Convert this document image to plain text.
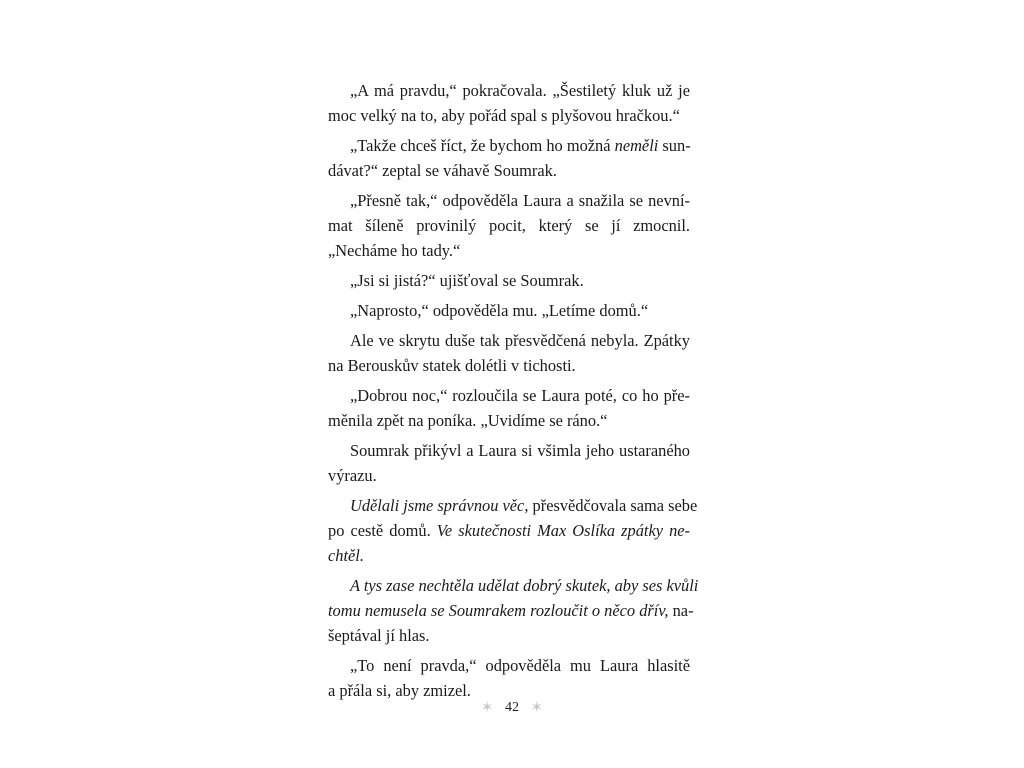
„A má pravdu,“ pokračovala. „Šestiletý kluk už je
moc velký na to, aby pořád spal s plyšovou hračkou.“
„Takže chceš říct, že bychom ho možná neměli sun-
dávat?“ zeptal se váhavě Soumrak.
„Přesně tak,“ odpověděla Laura a snažila se nevní-
mat šíleně provinilý pocit, který se jí zmocnil.
„Necháme ho tady.“
„Jsi si jistá?“ ujišťoval se Soumrak.
„Naprosto,“ odpověděla mu. „Letíme domů.“
Ale ve skrytu duše tak přesvědčená nebyla. Zpátky
na Berouskův statek dolétli v tichosti.
„Dobrou noc,“ rozloučila se Laura poté, co ho pře-
měnila zpět na poníka. „Uvidíme se ráno.“
Soumrak přikývl a Laura si všimla jeho ustaraného
výrazu.
Udělali jsme správnou věc, přesvědčovala sama sebe
po cestě domů. Ve skutečnosti Max Oslíka zpátky ne-
chtěl.
A tys zase nechtěla udělat dobrý skutek, aby ses kvůli
tomu nemusela se Soumrakem rozloučit o něco dřív, na-
šeptával jí hlas.
„To není pravda,“ odpověděla mu Laura hlasitě
a přála si, aby zmizel.
✶ 42 ✶
